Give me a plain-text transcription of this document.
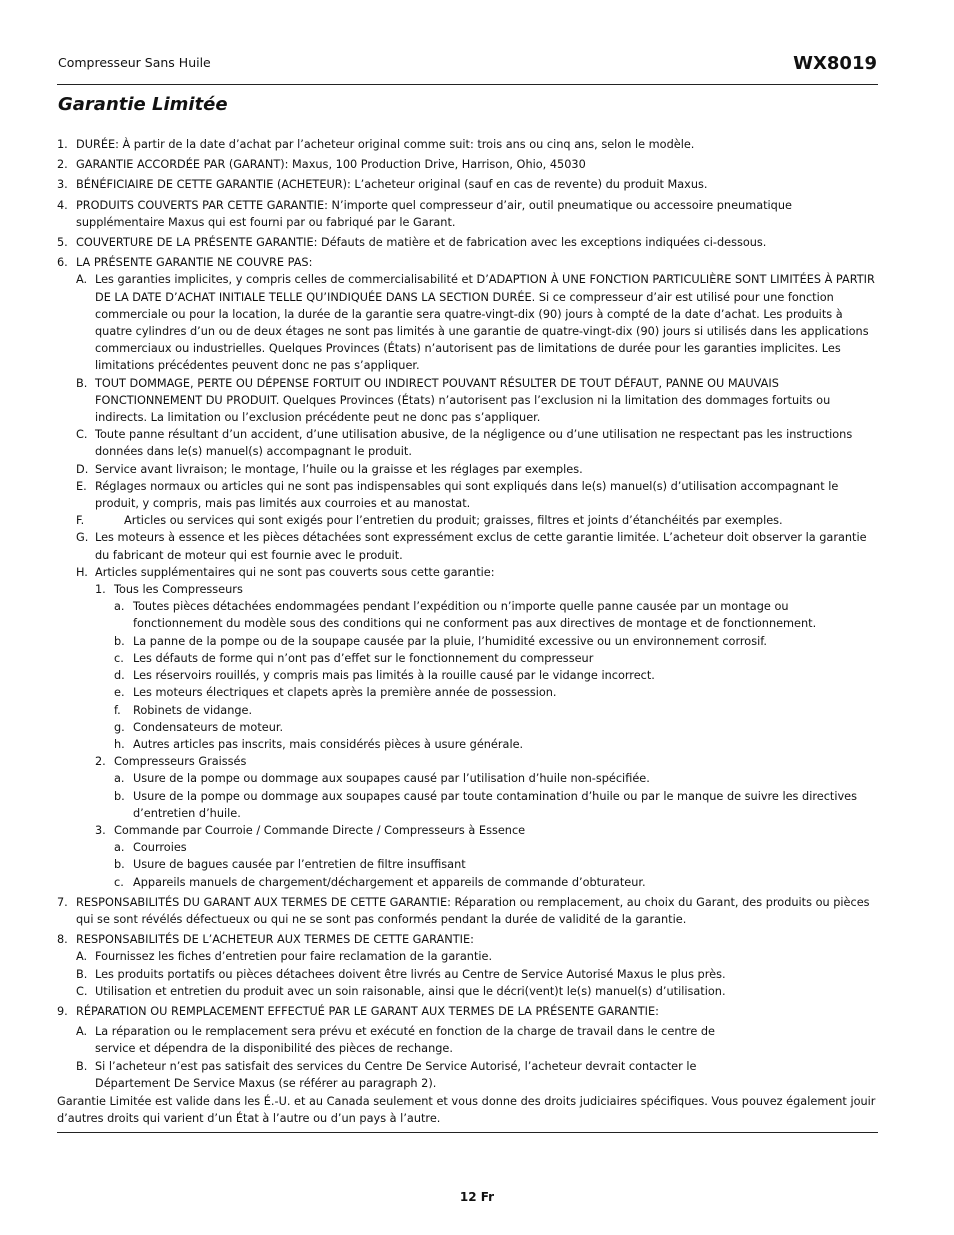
Compresseur Sans Huile	WX8019
Garantie Limitée
1. DURÉE: À partir de la date d’achat par l’acheteur original comme suit: trois ans ou cinq ans, selon le modèle.
2. GARANTIE ACCORDÉE PAR (GARANT): Maxus, 100 Production Drive, Harrison, Ohio, 45030
3. BÉNÉFICIAIRE DE CETTE GARANTIE (ACHETEUR): L’acheteur original (sauf en cas de revente) du produit Maxus.
4. PRODUITS COUVERTS PAR CETTE GARANTIE: N’importe quel compresseur d’air, outil pneumatique ou accessoire pneumatique supplémentaire Maxus qui est fourni par ou fabriqué par le Garant.
5. COUVERTURE DE LA PRÉSENTE GARANTIE: Défauts de matière et de fabrication avec les exceptions indiquées ci-dessous.
6. LA PRÉSENTE GARANTIE NE COUVRE PAS:
A. Les garanties implicites, y compris celles de commercialisabilité et D’ADAPTION À UNE FONCTION PARTICULIÈRE SONT LIMITÉES À PARTIR DE LA DATE D’ACHAT INITIALE TELLE QU’INDIQUÉE DANS LA SECTION DURÉE. Si ce compresseur d’air est utilisé pour une fonction commerciale ou pour la location, la durée de la garantie sera quatre-vingt-dix (90) jours à compté de la date d’achat. Les produits à quatre cylindres d’un ou de deux étages ne sont pas limités à une garantie de quatre-vingt-dix (90) jours si utilisés dans les applications commerciaux ou industrielles. Quelques Provinces (États) n’autorisent pas de limitations de durée pour les garanties implicites. Les limitations précédentes peuvent donc ne pas s’appliquer.
B. TOUT DOMMAGE, PERTE OU DÉPENSE FORTUIT OU INDIRECT POUVANT RÉSULTER DE TOUT DÉFAUT, PANNE OU MAUVAIS FONCTIONNEMENT DU PRODUIT. Quelques Provinces (États) n’autorisent pas l’exclusion ni la limitation des dommages fortuits ou indirects. La limitation ou l’exclusion précédente peut ne donc pas s’appliquer.
C. Toute panne résultant d’un accident, d’une utilisation abusive, de la négligence ou d’une utilisation ne respectant pas les instructions données dans le(s) manuel(s) accompagnant le produit.
D. Service avant livraison; le montage, l’huile ou la graisse et les réglages par exemples.
E. Réglages normaux ou articles qui ne sont pas indispensables qui sont expliqués dans le(s) manuel(s) d’utilisation accompagnant le produit, y compris, mais pas limités aux courroies et au manostat.
F.	Articles ou services qui sont exigés pour l’entretien du produit; graisses, filtres et joints d’étanchéités par exemples.
G. Les moteurs à essence et les pièces détachées sont expressément exclus de cette garantie limitée. L’acheteur doit observer la garantie du fabricant de moteur qui est fournie avec le produit.
H. Articles supplémentaires qui ne sont pas couverts sous cette garantie:
1. Tous les Compresseurs
a. Toutes pièces détachées endommagées pendant l’expédition ou n’importe quelle panne causée par un montage ou fonctionnement du modèle sous des conditions qui ne conforment pas aux directives de montage et de fonctionnement.
b. La panne de la pompe ou de la soupape causée par la pluie, l’humidité excessive ou un environnement corrosif.
c. Les défauts de forme qui n’ont pas d’effet sur le fonctionnement du compresseur
d. Les réservoirs rouillés, y compris mais pas limités à la rouille causé par le vidange incorrect.
e. Les moteurs électriques et clapets après la première année de possession.
f. Robinets de vidange.
g. Condensateurs de moteur.
h. Autres articles pas inscrits, mais considérés pièces à usure générale.
2. Compresseurs Graissés
a. Usure de la pompe ou dommage aux soupapes causé par l’utilisation d’huile non-spécifiée.
b. Usure de la pompe ou dommage aux soupapes causé par toute contamination d’huile ou par le manque de suivre les directives d’entretien d’huile.
3. Commande par Courroie / Commande Directe / Compresseurs à Essence
a. Courroies
b. Usure de bagues causée par l’entretien de filtre insuffisant
c. Appareils manuels de chargement/déchargement et appareils de commande d’obturateur.
7. RESPONSABILITÉS DU GARANT AUX TERMES DE CETTE GARANTIE: Réparation ou remplacement, au choix du Garant, des produits ou pièces qui se sont révélés défectueux ou qui ne se sont pas conformés pendant la durée de validité de la garantie.
8. RESPONSABILITÉS DE L’ACHETEUR AUX TERMES DE CETTE GARANTIE:
A. Fournissez les fiches d’entretien pour faire reclamation de la garantie.
B. Les produits portatifs ou pièces détachees doivent être livrés au Centre de Service Autorisé Maxus le plus près.
C. Utilisation et entretien du produit avec un soin raisonable, ainsi que le décri(vent)t le(s) manuel(s) d’utilisation.
9. RÉPARATION OU REMPLACEMENT EFFECTUÉ PAR LE GARANT AUX TERMES DE LA PRÉSENTE GARANTIE:
A. La réparation ou le remplacement sera prévu et exécuté en fonction de la charge de travail dans le centre de service et dépendra de la disponibilité des pièces de rechange.
B. Si l’acheteur n’est pas satisfait des services du Centre De Service Autorisé, l’acheteur devrait contacter le Département De Service Maxus (se référer au paragraph 2).
Garantie Limitée est valide dans les É.-U. et au Canada seulement et vous donne des droits judiciaires spécifiques. Vous pouvez également jouir d’autres droits qui varient d’un État à l’autre ou d’un pays à l’autre.
12 Fr
